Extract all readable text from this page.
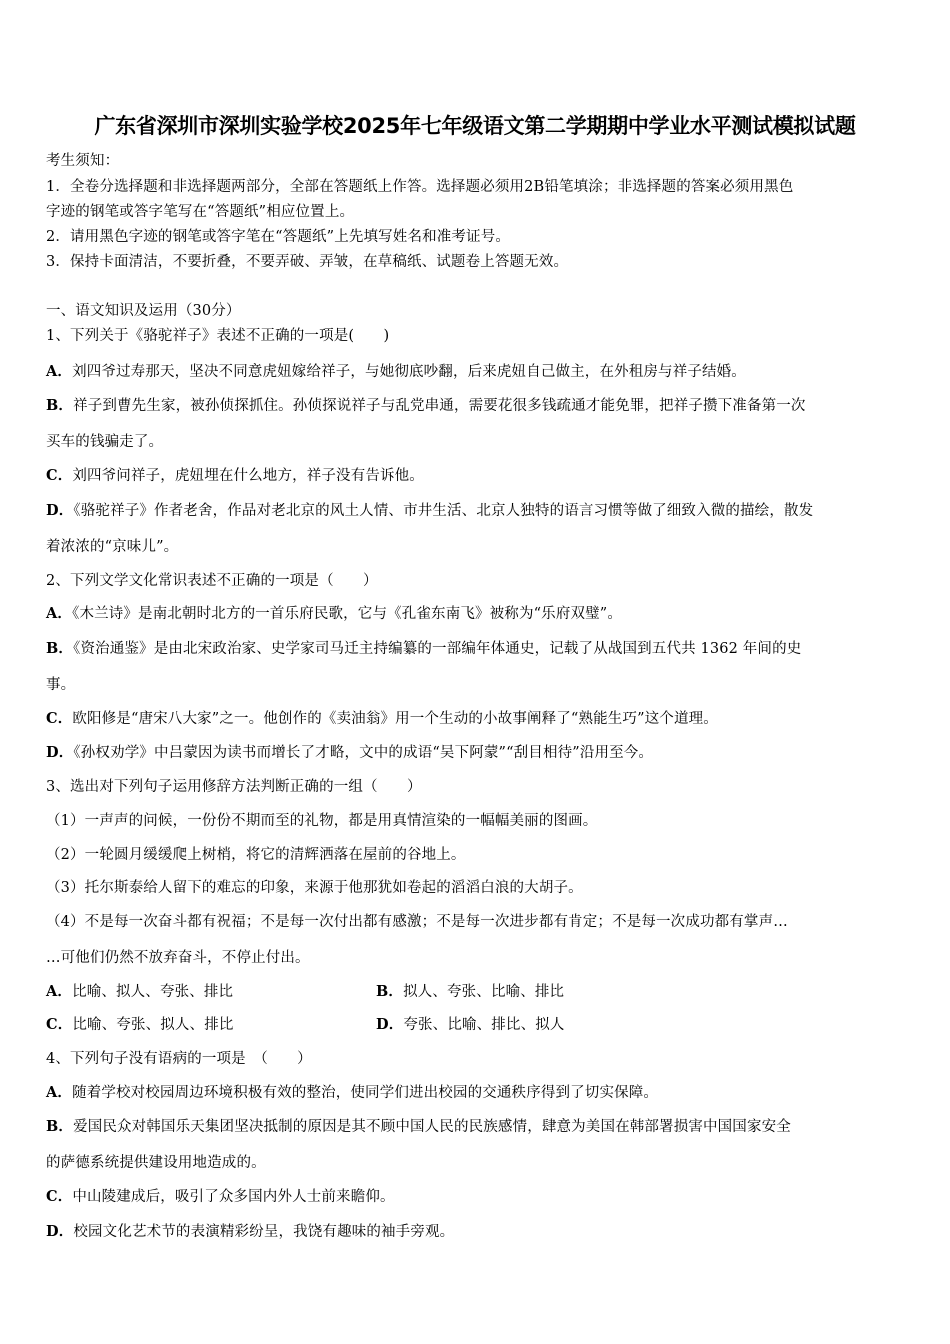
广东省深圳市深圳实验学校2025年七年级语文第二学期期中学业水平测试模拟试题
考生须知：
1．全卷分选择题和非选择题两部分，全部在答题纸上作答。选择题必须用2B铅笔填涂；非选择题的答案必须用黑色
字迹的钢笔或答字笔写在“答题纸”相应位置上。
2．请用黑色字迹的钢笔或答字笔在“答题纸”上先填写姓名和准考证号。
3．保持卡面清洁，不要折叠，不要弄破、弄皱，在草稿纸、试题卷上答题无效。
一、语文知识及运用（30分）
1、下列关于《骆驼祥子》表述不正确的一项是(　　)
A．刘四爷过寿那天，坚决不同意虎妞嫁给祥子，与她彻底吵翻，后来虎妞自己做主，在外租房与祥子结婚。
B．祥子到曹先生家，被孙侦探抓住。孙侦探说祥子与乱党串通，需要花很多钱疏通才能免罪，把祥子攒下准备第一次
买车的钱骗走了。
C．刘四爷问祥子，虎妞埋在什么地方，祥子没有告诉他。
D．《骆驼祥子》作者老舍，作品对老北京的风土人情、市井生活、北京人独特的语言习惯等做了细致入微的描绘，散发
着浓浓的“京味儿”。
2、下列文学文化常识表述不正确的一项是（　　）
A．《木兰诗》是南北朝时北方的一首乐府民歌，它与《孔雀东南飞》被称为“乐府双璧”。
B．《资治通鉴》是由北宋政治家、史学家司马迁主持编纂的一部编年体通史，记载了从战国到五代共 1362 年间的史
事。
C．欧阳修是“唐宋八大家”之一。他创作的《卖油翁》用一个生动的小故事阐释了“熟能生巧”这个道理。
D．《孙权劝学》中吕蒙因为读书而增长了才略，文中的成语“吴下阿蒙”“刮目相待”沿用至今。
3、选出对下列句子运用修辞方法判断正确的一组（　　）
（1）一声声的问候，一份份不期而至的礼物，都是用真情渲染的一幅幅美丽的图画。
（2）一轮圆月缓缓爬上树梢，将它的清辉洒落在屋前的谷地上。
（3）托尔斯泰给人留下的难忘的印象，来源于他那犹如卷起的滔滔白浪的大胡子。
（4）不是每一次奋斗都有祝福；不是每一次付出都有感激；不是每一次进步都有肯定；不是每一次成功都有掌声…
…可他们仍然不放弃奋斗，不停止付出。
A．比喻、拟人、夸张、排比	B．拟人、夸张、比喻、排比
C．比喻、夸张、拟人、排比	D．夸张、比喻、排比、拟人
4、下列句子没有语病的一项是　（　　）
A．随着学校对校园周边环境积极有效的整治，使同学们进出校园的交通秩序得到了切实保障。
B．爱国民众对韩国乐天集团坚决抵制的原因是其不顾中国人民的民族感情，肆意为美国在韩部署损害中国国家安全
的萨德系统提供建设用地造成的。
C．中山陵建成后，吸引了众多国内外人士前来瞻仰。
D．校园文化艺术节的表演精彩纷呈，我饶有趣味的袖手旁观。
